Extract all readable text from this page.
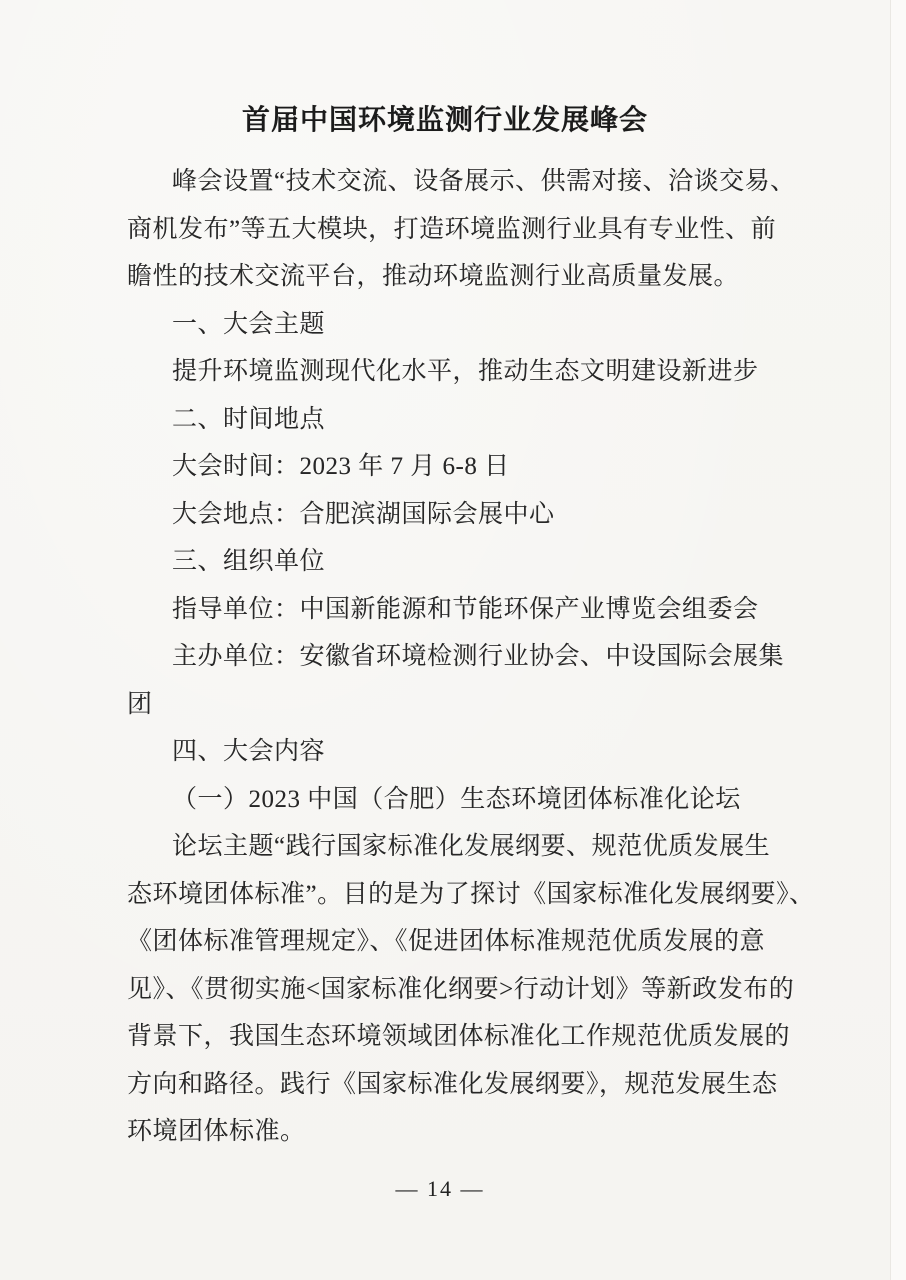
首届中国环境监测行业发展峰会
峰会设置“技术交流、设备展示、供需对接、洽谈交易、
商机发布”等五大模块，打造环境监测行业具有专业性、前
瞻性的技术交流平台，推动环境监测行业高质量发展。
一、大会主题
提升环境监测现代化水平，推动生态文明建设新进步
二、时间地点
大会时间：2023 年 7 月 6-8 日
大会地点：合肥滨湖国际会展中心
三、组织单位
指导单位：中国新能源和节能环保产业博览会组委会
主办单位：安徽省环境检测行业协会、中设国际会展集
团
四、大会内容
（一）2023 中国（合肥）生态环境团体标准化论坛
论坛主题“践行国家标准化发展纲要、规范优质发展生
态环境团体标准”。目的是为了探讨《国家标准化发展纲要》、
《团体标准管理规定》、《促进团体标准规范优质发展的意
见》、《贯彻实施<国家标准化纲要>行动计划》等新政发布的
背景下，我国生态环境领域团体标准化工作规范优质发展的
方向和路径。践行《国家标准化发展纲要》，规范发展生态
环境团体标准。
— 14 —
